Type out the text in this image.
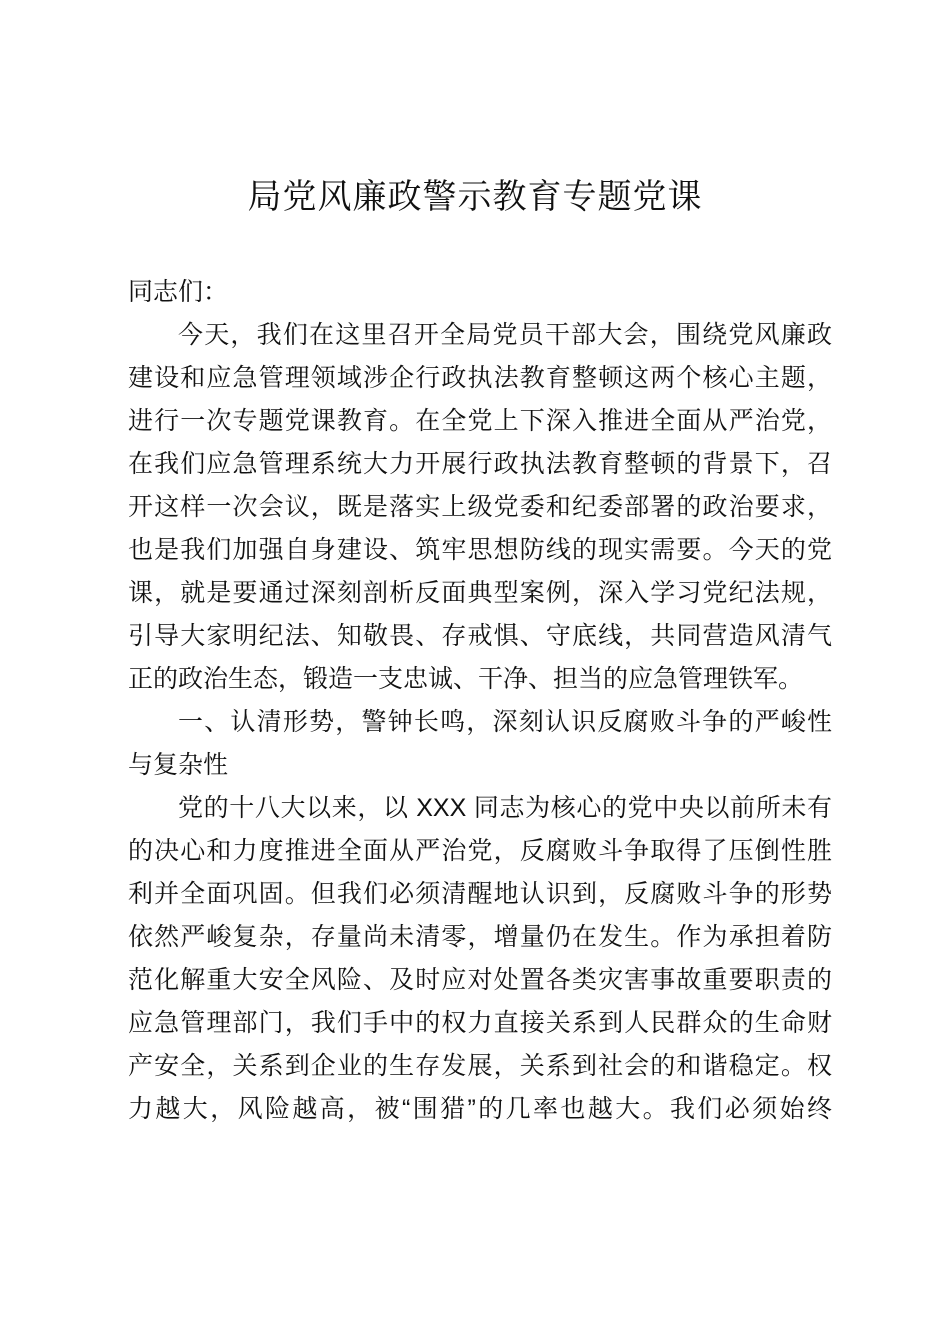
局党风廉政警示教育专题党课
同志们：
今天，我们在这里召开全局党员干部大会，围绕党风廉政
建设和应急管理领域涉企行政执法教育整顿这两个核心主题，
进行一次专题党课教育。在全党上下深入推进全面从严治党，
在我们应急管理系统大力开展行政执法教育整顿的背景下，召
开这样一次会议，既是落实上级党委和纪委部署的政治要求，
也是我们加强自身建设、筑牢思想防线的现实需要。今天的党
课，就是要通过深刻剖析反面典型案例，深入学习党纪法规，
引导大家明纪法、知敬畏、存戒惧、守底线，共同营造风清气
正的政治生态，锻造一支忠诚、干净、担当的应急管理铁军。
一、认清形势，警钟长鸣，深刻认识反腐败斗争的严峻性
与复杂性
党的十八大以来，以 XXX 同志为核心的党中央以前所未有
的决心和力度推进全面从严治党，反腐败斗争取得了压倒性胜
利并全面巩固。但我们必须清醒地认识到，反腐败斗争的形势
依然严峻复杂，存量尚未清零，增量仍在发生。作为承担着防
范化解重大安全风险、及时应对处置各类灾害事故重要职责的
应急管理部门，我们手中的权力直接关系到人民群众的生命财
产安全，关系到企业的生存发展，关系到社会的和谐稳定。权
力越大，风险越高，被“围猎”的几率也越大。我们必须始终
